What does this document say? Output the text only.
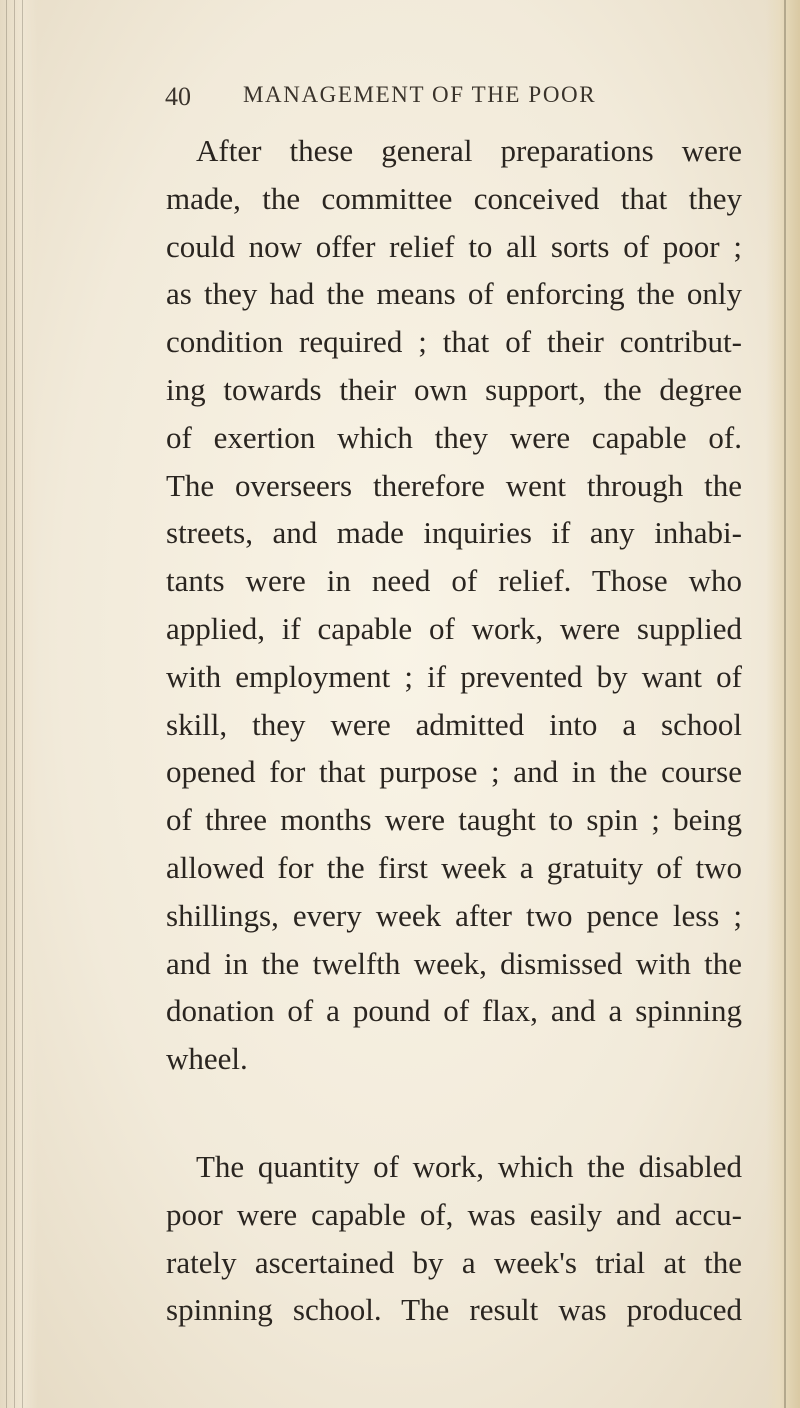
40 MANAGEMENT OF THE POOR
After these general preparations were
made, the committee conceived that they
could now offer relief to all sorts of poor ;
as they had the means of enforcing the only
condition required ; that of their contribut-
ing towards their own support, the degree
of exertion which they were capable of.
The overseers therefore went through the
streets, and made inquiries if any inhabi-
tants were in need of relief. Those who
applied, if capable of work, were supplied
with employment ; if prevented by want of
skill, they were admitted into a school
opened for that purpose ; and in the course
of three months were taught to spin ; being
allowed for the first week a gratuity of two
shillings, every week after two pence less ;
and in the twelfth week, dismissed with the
donation of a pound of flax, and a spinning
wheel.
The quantity of work, which the disabled
poor were capable of, was easily and accu-
rately ascertained by a week's trial at the
spinning school. The result was produced
